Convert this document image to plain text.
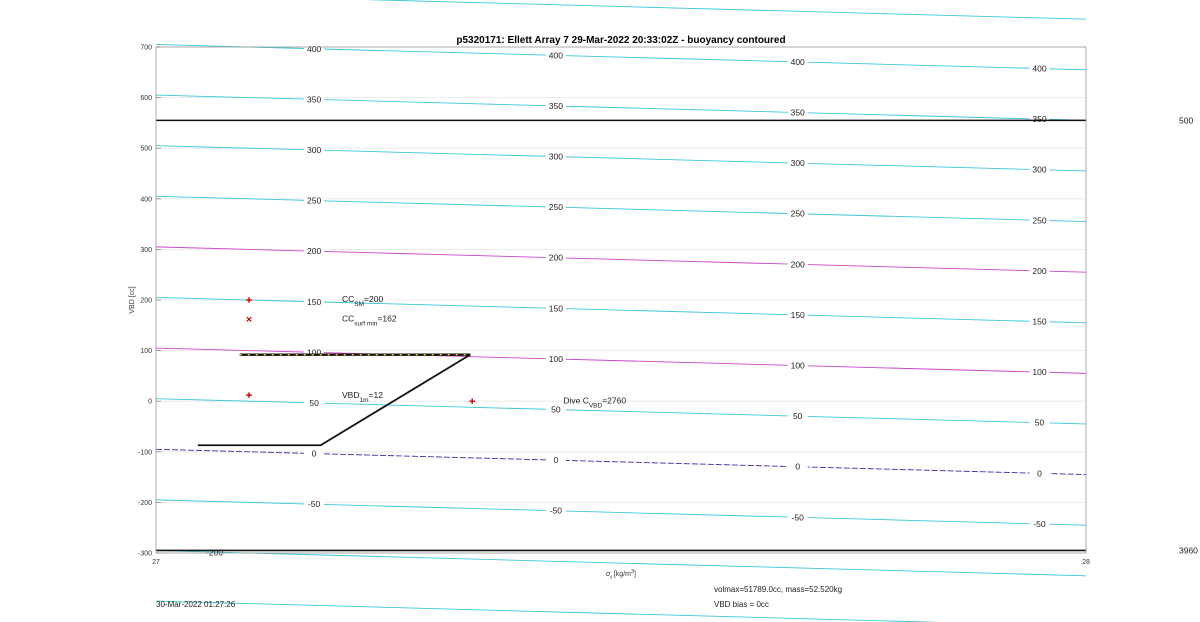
p5320171: Ellett Array 7 29-Mar-2022 20:33:02Z - buoyancy contoured
-50
-50
-50
-50
0
0
0
0
50
50
50
50
100
100
100
100
150
150
150
150
200
200
200
200
250
250
250
250
300
300
300
300
350
350
350
350
400
400
400
400
500
3960
-200
$CC_{SM}=200$
$CC_{surf min}=162$
$VBD_{1m}=12$
Dive $C_{VBD}=2760$
-300
-200
-100
0
100
200
300
400
500
600
700
27	28
VBD [cc]
$\sigma_t$ $[kg/m^3]$
30-Mar-2022 01:27:26
volmax=51789.0cc, mass=52.520kg
VBD bias = 0cc
